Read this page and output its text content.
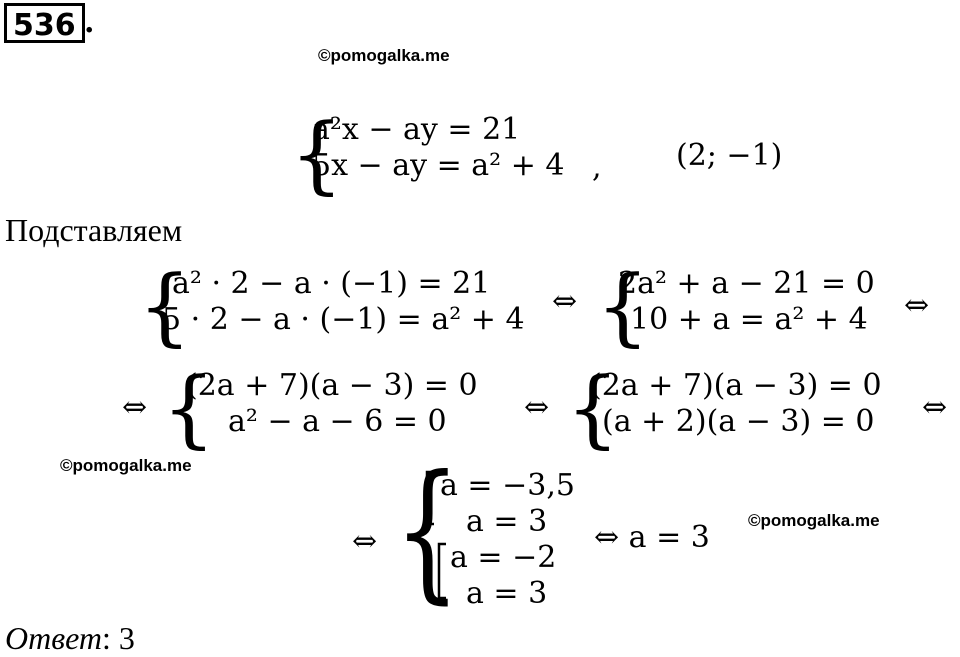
536 .
©pomogalka.me
©pomogalka.me
©pomogalka.me
{
a²x − ay = 21
5x − ay = a² + 4 , (2; −1)
Подставляем
{
a² · 2 − a · (−1) = 21
5 · 2 − a · (−1) = a² + 4
⇔ {
2a² + a − 21 = 0
10 + a = a² + 4 ⇔
⇔ {
(2a + 7)(a − 3) = 0
a² − a − 6 = 0	⇔ {
(2a + 7)(a − 3) = 0
(a + 2)(a − 3) = 0 ⇔
⇔ {
a = −3,5
a = 3
a = −2
a = 3
⇔ a = 3
Ответ: 3
